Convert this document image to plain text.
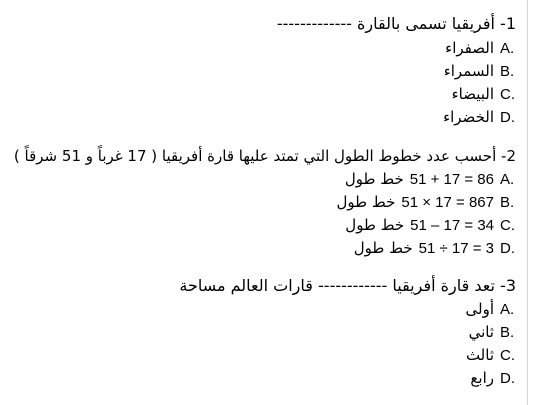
1- أفريقيا تسمى بالقارة -------------
الصفراء A.
السمراء B.
البيضاء C.
الخضراء D.
2- أحسب عدد خطوط الطول التي تمتد عليها قارة أفريقيا ( 17 غرباً و 51 شرقاً )
خط طول 51 + 17 = 86 A.
خط طول 51 × 17 = 867 B.
خط طول 51 – 17 = 34 C.
خط طول 51 ÷ 17 = 3 D.
3- تعد قارة أفريقيا ------------ قارات العالم مساحة
أولى A.
ثاني B.
ثالث C.
رابع D.
